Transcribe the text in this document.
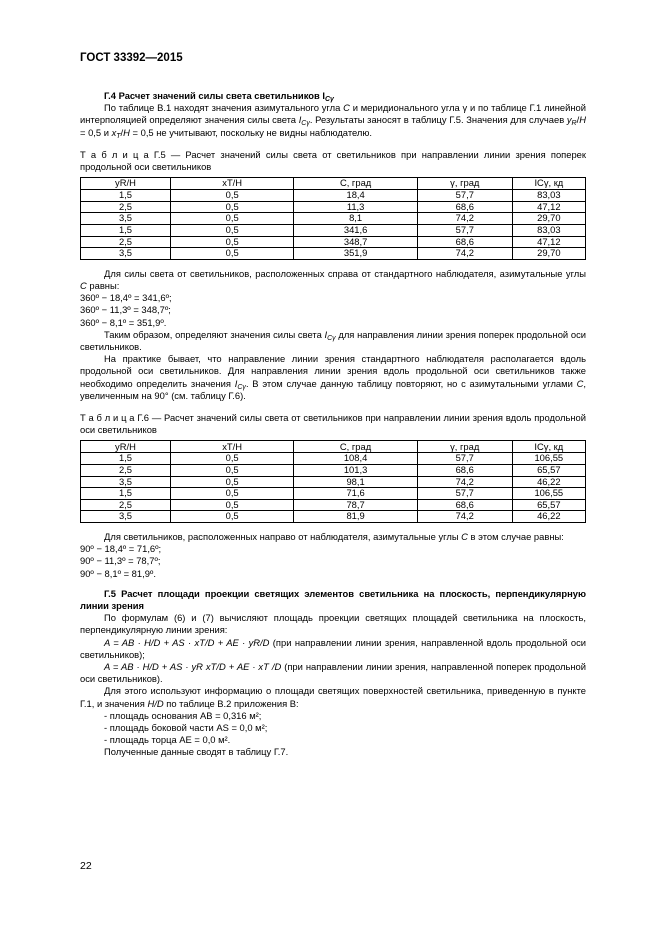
ГОСТ 33392—2015

Г.4 Расчет значений силы света светильников $I_{C\gamma}$

По таблице В.1 находят значения азимутального угла C и меридионального угла γ и по таблице Г.1 линейной интерполяцией определяют значения силы света $I_{C\gamma}$. Результаты заносят в таблицу Г.5. Значения для случаев $y_R/H = 0,5$ и $x_T/H = 0,5$ не учитывают, поскольку не видны наблюдателю.

Т а б л и ц а Г.5 — Расчет значений силы света от светильников при направлении линии зрения поперек продольной оси светильников

yR/H	xT/H	C, град	γ, град	ICγ, кд
1,5	0,5	18,4	57,7	83,03
2,5	0,5	11,3	68,6	47,12
3,5	0,5	8,1	74,2	29,70
1,5	0,5	341,6	57,7	83,03
2,5	0,5	348,7	68,6	47,12
3,5	0,5	351,9	74,2	29,70

Для силы света от светильников, расположенных справа от стандартного наблюдателя, азимутальные углы C равны:

360º − 18,4º = 341,6º;

360º − 11,3º = 348,7º;

360º − 8,1º = 351,9º.

Таким образом, определяют значения силы света $I_{C\gamma}$ для направления линии зрения поперек продольной оси светильников.

На практике бывает, что направление линии зрения стандартного наблюдателя располагается вдоль продольной оси светильников. Для направления линии зрения вдоль продольной оси светильников также необходимо определить значения $I_{C\gamma}$. В этом случае данную таблицу повторяют, но с азимутальными углами C, увеличенным на 90° (см. таблицу Г.6).

Т а б л и ц а Г.6 — Расчет значений силы света от светильников при направлении линии зрения вдоль продольной оси светильников

yR/H	xT/H	C, град	γ, град	ICγ, кд
1,5	0,5	108,4	57,7	106,55
2,5	0,5	101,3	68,6	65,57
3,5	0,5	98,1	74,2	46,22
1,5	0,5	71,6	57,7	106,55
2,5	0,5	78,7	68,6	65,57
3,5	0,5	81,9	74,2	46,22

Для светильников, расположенных направо от наблюдателя, азимутальные углы C в этом случае равны:

90º − 18,4º = 71,6º;

90º − 11,3º = 78,7º;

90º − 8,1º = 81,9º.

Г.5 Расчет площади проекции светящих элементов светильника на плоскость, перпендикулярную линии зрения

По формулам (6) и (7) вычисляют площадь проекции светящих площадей светильника на плоскость, перпендикулярную линии зрения:

A = AB · H/D + AS · xT/D + AE · yR/D (при направлении линии зрения, направленной вдоль продольной оси светильников);

A = AB · H/D + AS · yR xT/D + AE · xT /D (при направлении линии зрения, направленной поперек продольной оси светильников).

Для этого используют информацию о площади светящих поверхностей светильника, приведенную в пункте Г.1, и значения H/D по таблице В.2 приложения В:

- площадь основания AB = 0,316 м²;

- площадь боковой части AS = 0,0 м²;

- площадь торца AE = 0,0 м².

Полученные данные сводят в таблицу Г.7.

22
